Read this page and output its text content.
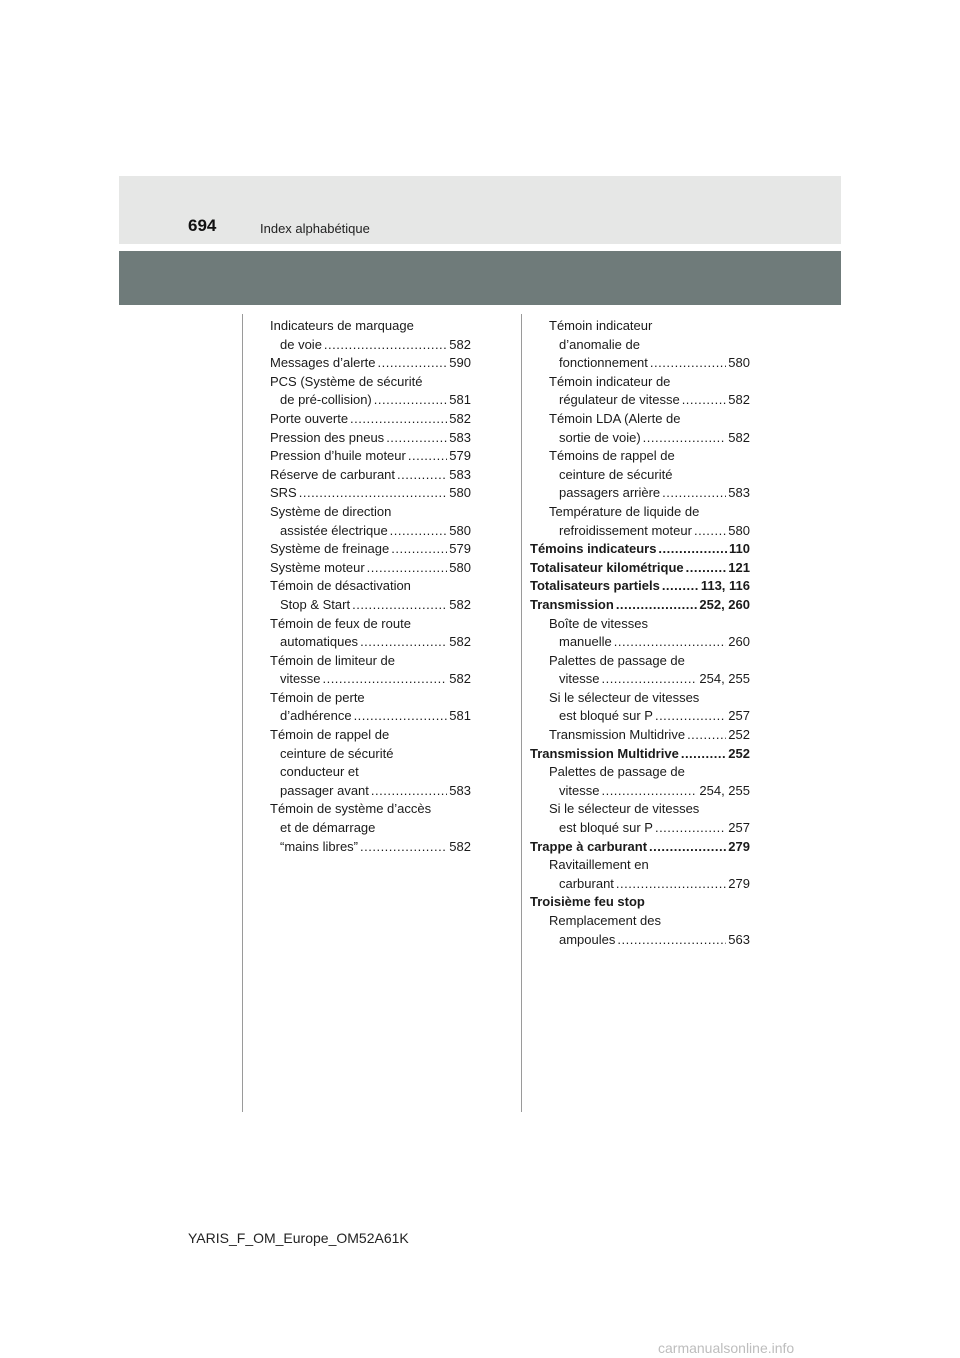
694	Index alphabétique
Indicateurs de marquage
de voie .....	582
Messages d’alerte .....	590
PCS (Système de sécurité
de pré-collision) .....	581
Porte ouverte .....	582
Pression des pneus .....	583
Pression d’huile moteur .....	579
Réserve de carburant .....	583
SRS .....	580
Système de direction
assistée électrique .....	580
Système de freinage .....	579
Système moteur .....	580
Témoin de désactivation
Stop & Start .....	582
Témoin de feux de route
automatiques .....	582
Témoin de limiteur de
vitesse .....	582
Témoin de perte
d’adhérence .....	581
Témoin de rappel de
ceinture de sécurité
conducteur et
passager avant .....	583
Témoin de système d’accès
et de démarrage
“mains libres” .....	582
Témoin indicateur
d’anomalie de
fonctionnement .....	580
Témoin indicateur de
régulateur de vitesse .....	582
Témoin LDA (Alerte de
sortie de voie) .....	582
Témoins de rappel de
ceinture de sécurité
passagers arrière .....	583
Température de liquide de
refroidissement moteur .....	580
Témoins indicateurs .....	110
Totalisateur kilométrique .....	121
Totalisateurs partiels .....	113, 116
Transmission .....	252, 260
Boîte de vitesses
manuelle .....	260
Palettes de passage de
vitesse .....	254, 255
Si le sélecteur de vitesses
est bloqué sur P .....	257
Transmission Multidrive .....	252
Transmission Multidrive .....	252
Palettes de passage de
vitesse .....	254, 255
Si le sélecteur de vitesses
est bloqué sur P .....	257
Trappe à carburant .....	279
Ravitaillement en
carburant .....	279
Troisième feu stop
Remplacement des
ampoules .....	563
YARIS_F_OM_Europe_OM52A61K
carmanualsonline.info
